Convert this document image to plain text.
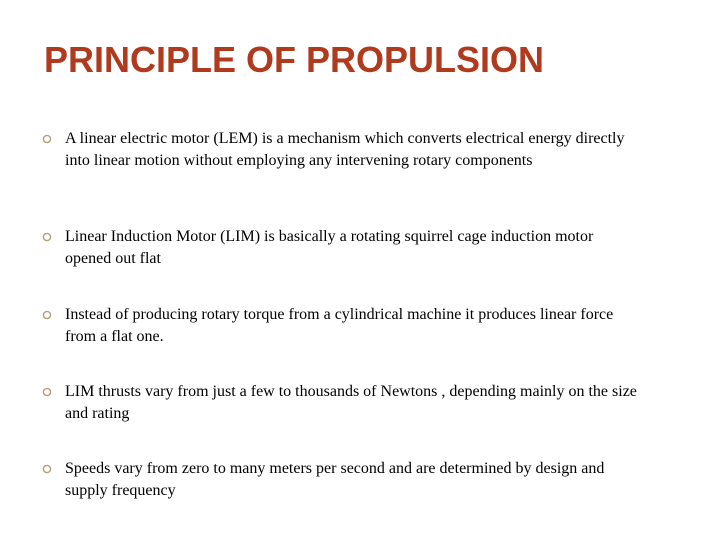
PRINCIPLE OF PROPULSION
A linear electric motor (LEM) is a mechanism which converts electrical energy directly into linear motion without employing any intervening rotary components
Linear Induction Motor (LIM) is basically a rotating squirrel cage induction motor opened out flat
Instead of producing rotary torque from a cylindrical machine it produces linear force from a flat one.
LIM thrusts vary from just a few to thousands of Newtons , depending mainly on the size and rating
Speeds vary from zero to many meters per second and are determined by design and supply frequency
